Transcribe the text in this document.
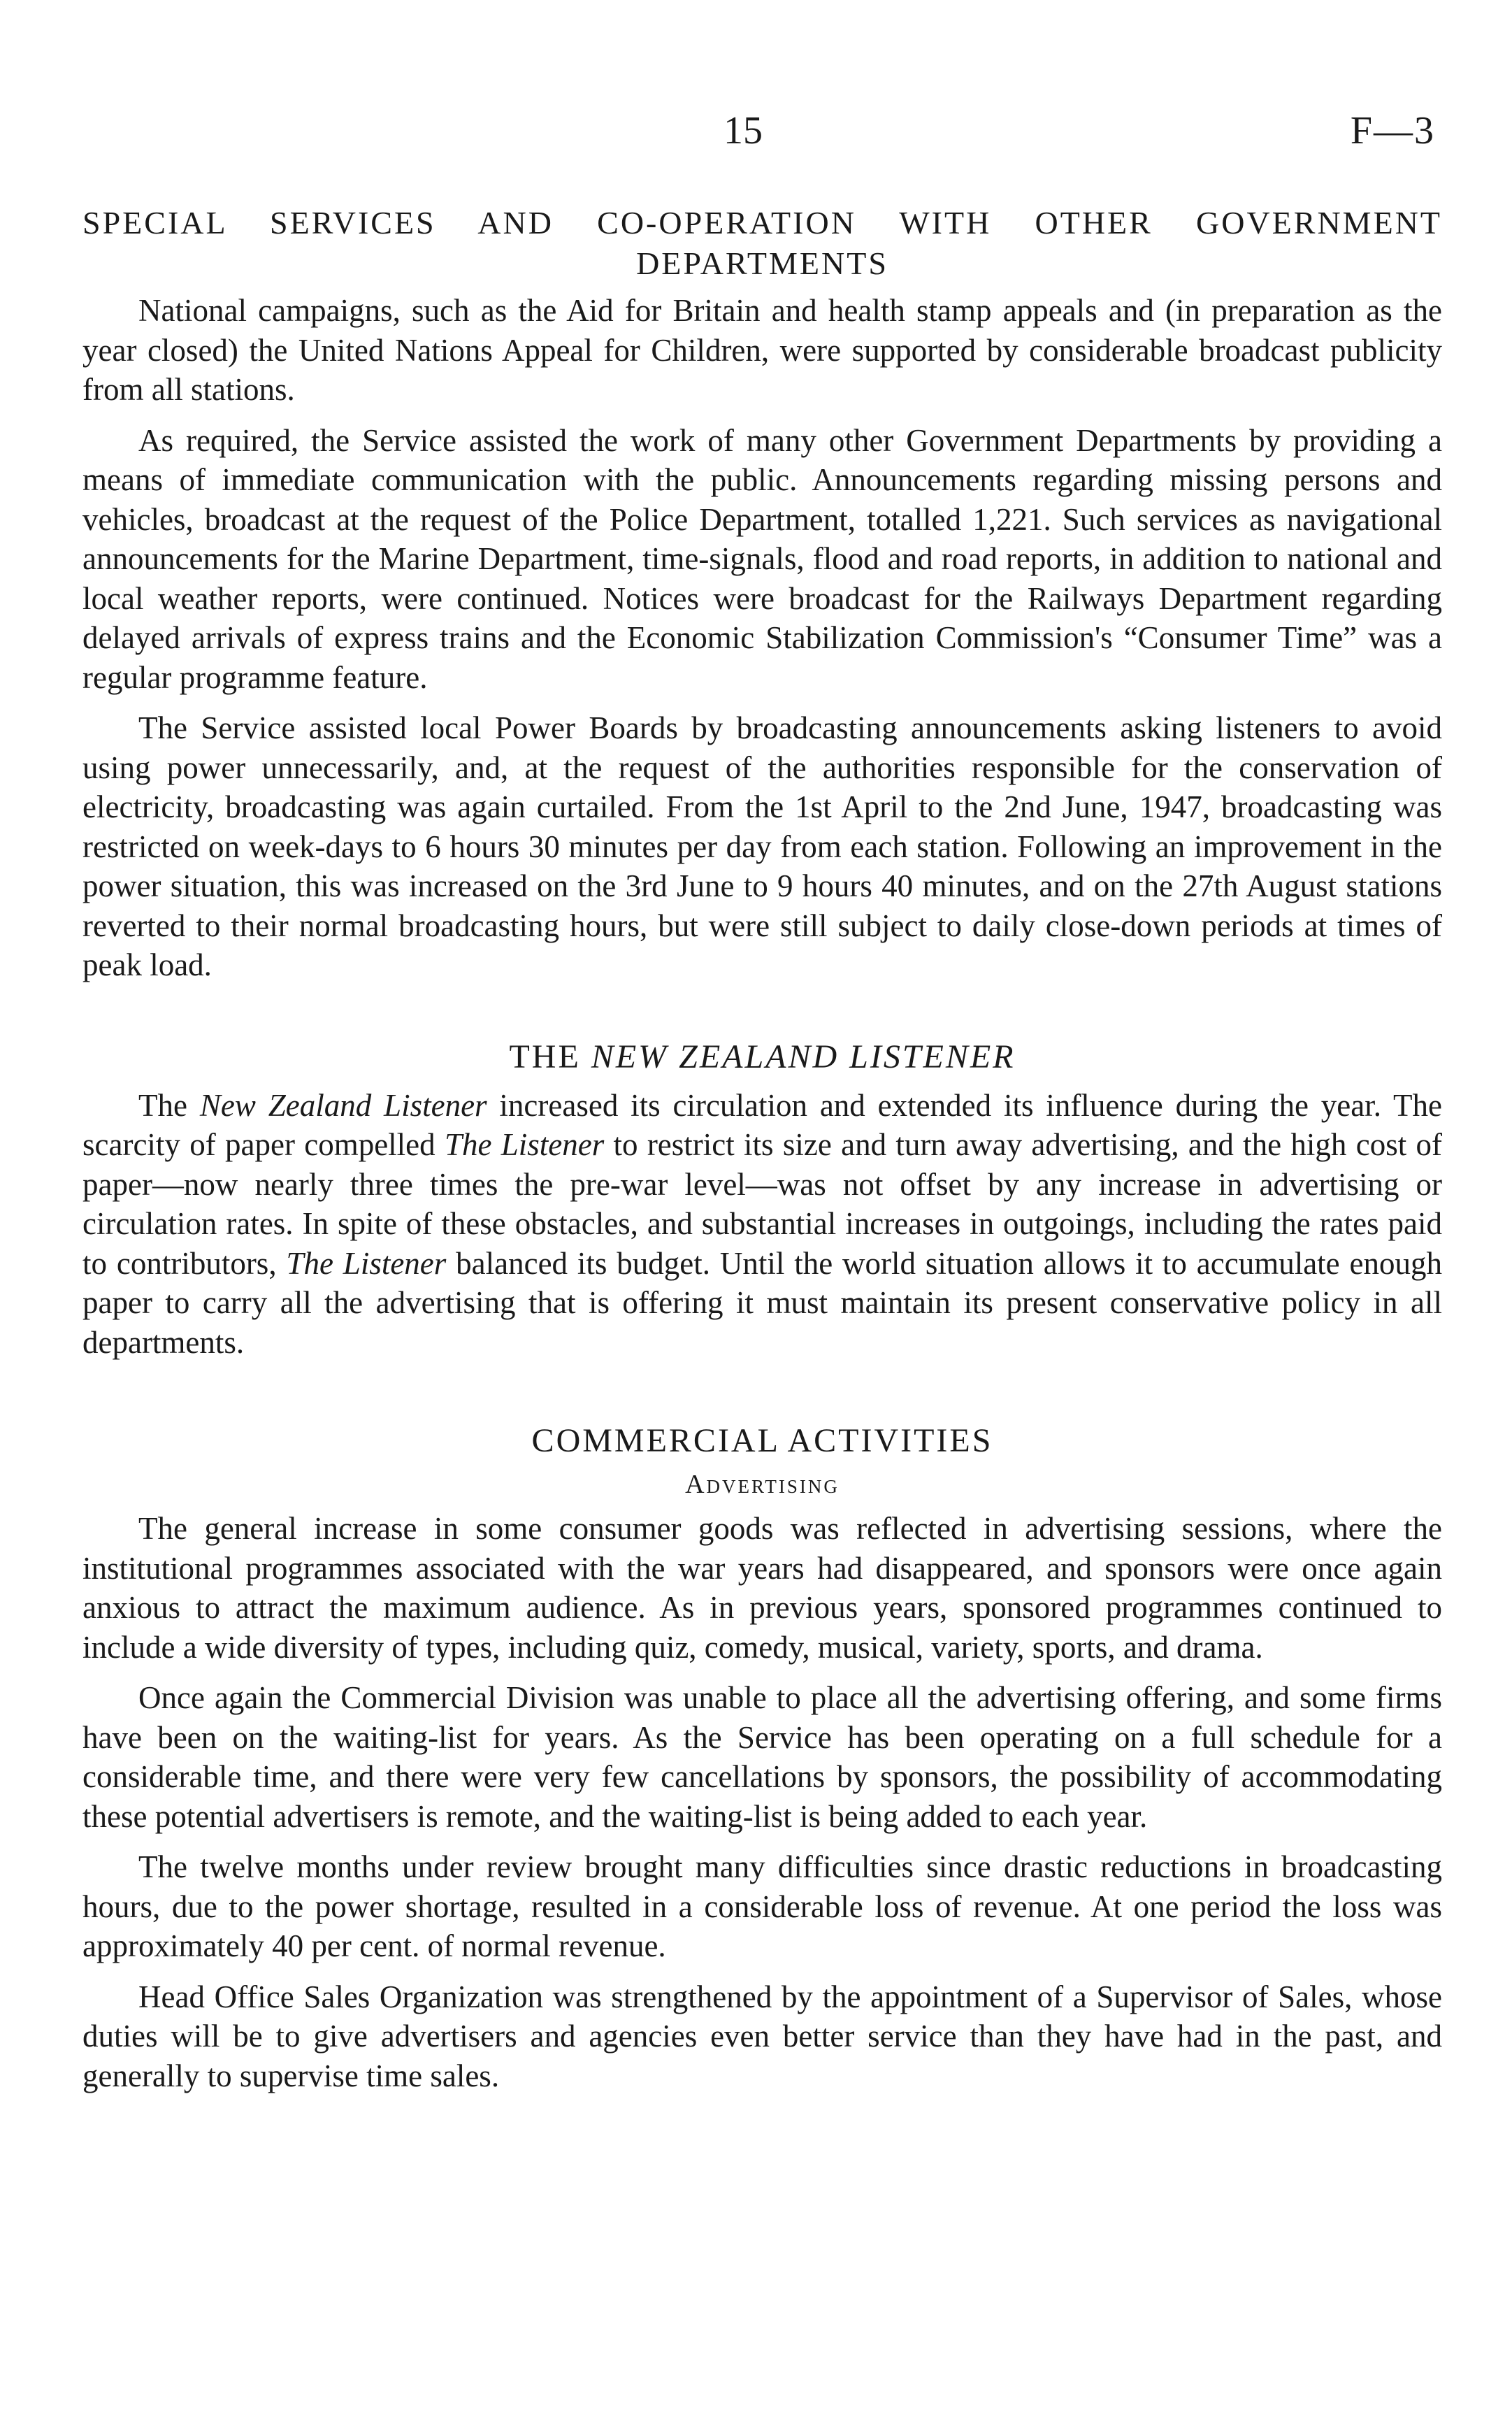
15	F—3
SPECIAL SERVICES AND CO-OPERATION WITH OTHER GOVERNMENT
DEPARTMENTS

National campaigns, such as the Aid for Britain and health stamp appeals and (in preparation as the year closed) the United Nations Appeal for Children, were supported by considerable broadcast publicity from all stations.

As required, the Service assisted the work of many other Government Departments by providing a means of immediate communication with the public. Announcements regarding missing persons and vehicles, broadcast at the request of the Police Department, totalled 1,221. Such services as navigational announcements for the Marine Department, time-signals, flood and road reports, in addition to national and local weather reports, were continued. Notices were broadcast for the Railways Department regarding delayed arrivals of express trains and the Economic Stabilization Commission's “Consumer Time” was a regular programme feature.

The Service assisted local Power Boards by broadcasting announcements asking listeners to avoid using power unnecessarily, and, at the request of the authorities responsible for the conservation of electricity, broadcasting was again curtailed. From the 1st April to the 2nd June, 1947, broadcasting was restricted on week-days to 6 hours 30 minutes per day from each station. Following an improvement in the power situation, this was increased on the 3rd June to 9 hours 40 minutes, and on the 27th August stations reverted to their normal broadcasting hours, but were still subject to daily close-down periods at times of peak load.

THE NEW ZEALAND LISTENER

The New Zealand Listener increased its circulation and extended its influence during the year. The scarcity of paper compelled The Listener to restrict its size and turn away advertising, and the high cost of paper—now nearly three times the pre-war level—was not offset by any increase in advertising or circulation rates. In spite of these obstacles, and substantial increases in outgoings, including the rates paid to contributors, The Listener balanced its budget. Until the world situation allows it to accumulate enough paper to carry all the advertising that is offering it must maintain its present conservative policy in all departments.

COMMERCIAL ACTIVITIES
Advertising

The general increase in some consumer goods was reflected in advertising sessions, where the institutional programmes associated with the war years had disappeared, and sponsors were once again anxious to attract the maximum audience. As in previous years, sponsored programmes continued to include a wide diversity of types, including quiz, comedy, musical, variety, sports, and drama.

Once again the Commercial Division was unable to place all the advertising offering, and some firms have been on the waiting-list for years. As the Service has been operating on a full schedule for a considerable time, and there were very few cancellations by sponsors, the possibility of accommodating these potential advertisers is remote, and the waiting-list is being added to each year.

The twelve months under review brought many difficulties since drastic reductions in broadcasting hours, due to the power shortage, resulted in a considerable loss of revenue. At one period the loss was approximately 40 per cent. of normal revenue.

Head Office Sales Organization was strengthened by the appointment of a Supervisor of Sales, whose duties will be to give advertisers and agencies even better service than they have had in the past, and generally to supervise time sales.
